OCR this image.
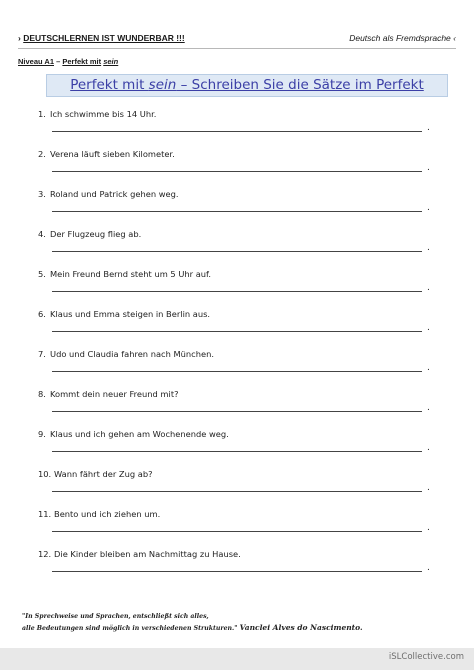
› DEUTSCHLERNEN IST WUNDERBAR !!!	Deutsch als Fremdsprache ‹
Niveau A1 – Perfekt mit sein
Perfekt mit sein – Schreiben Sie die Sätze im Perfekt
1. Ich schwimme bis 14 Uhr.
.
2. Verena läuft sieben Kilometer.
.
3. Roland und Patrick gehen weg.
.
4. Der Flugzeug flieg ab.
.
5. Mein Freund Bernd steht um 5 Uhr auf.
.
6. Klaus und Emma steigen in Berlin aus.
.
7. Udo und Claudia fahren nach München.
.
8. Kommt dein neuer Freund mit?
.
9. Klaus und ich gehen am Wochenende weg.
.
10. Wann fährt der Zug ab?
.
11. Bento und ich ziehen um.
.
12. Die Kinder bleiben am Nachmittag zu Hause.
.
"In Sprechweise und Sprachen, entschließt sich alles,
alle Bedeutungen sind möglich in verschiedenen Strukturen." Vanclei Alves do Nascimento.
iSLCollective.com
